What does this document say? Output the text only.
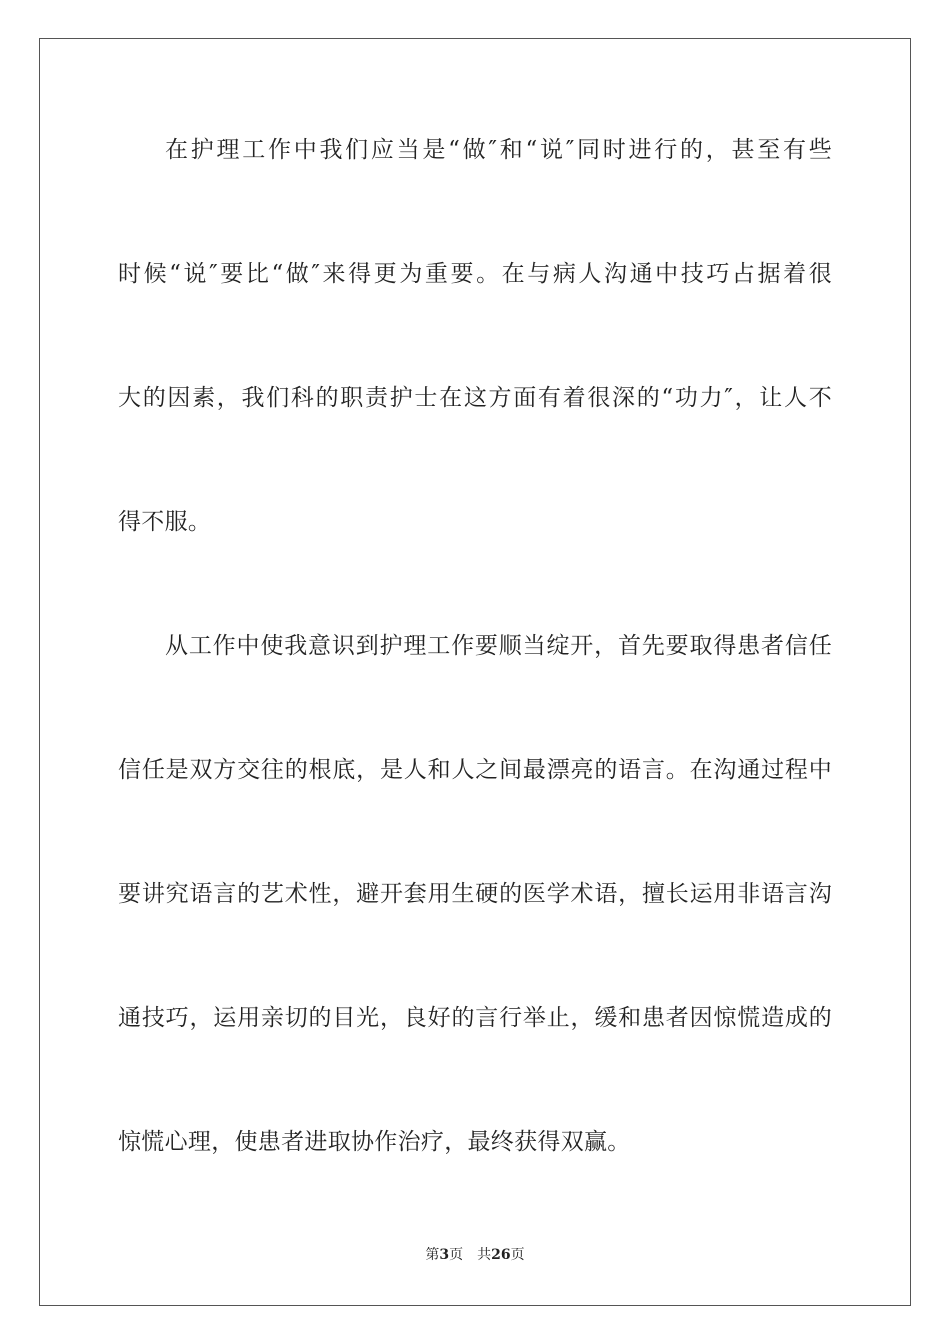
在护理工作中我们应当是“做″和“说″同时进行的，甚至有些
时候“说″要比“做″来得更为重要。在与病人沟通中技巧占据着很
大的因素，我们科的职责护士在这方面有着很深的“功力″，让人不
得不服。
从工作中使我意识到护理工作要顺当绽开，首先要取得患者信任
信任是双方交往的根底，是人和人之间最漂亮的语言。在沟通过程中
要讲究语言的艺术性，避开套用生硬的医学术语，擅长运用非语言沟
通技巧，运用亲切的目光，良好的言行举止，缓和患者因惊慌造成的
惊慌心理，使患者进取协作治疗，最终获得双赢。
第3页 共26页
